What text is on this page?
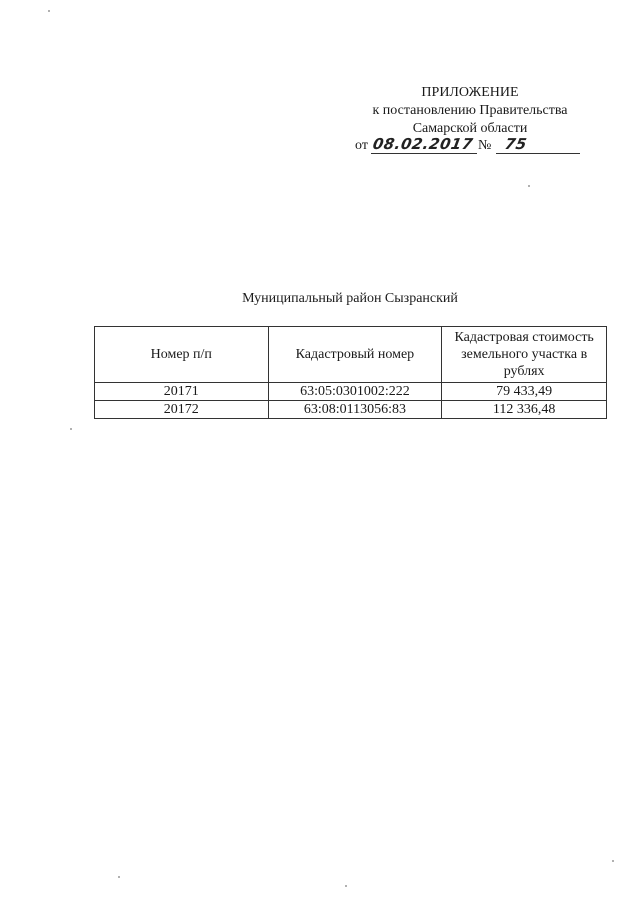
ПРИЛОЖЕНИЕ
к постановлению Правительства
Самарской области
от 08.02.2017 № 75
Муниципальный район Сызранский
Номер п/п	Кадастровый номер	Кадастровая стоимость земельного участка в рублях
20171	63:05:0301002:222	79 433,49
20172	63:08:0113056:83	112 336,48
